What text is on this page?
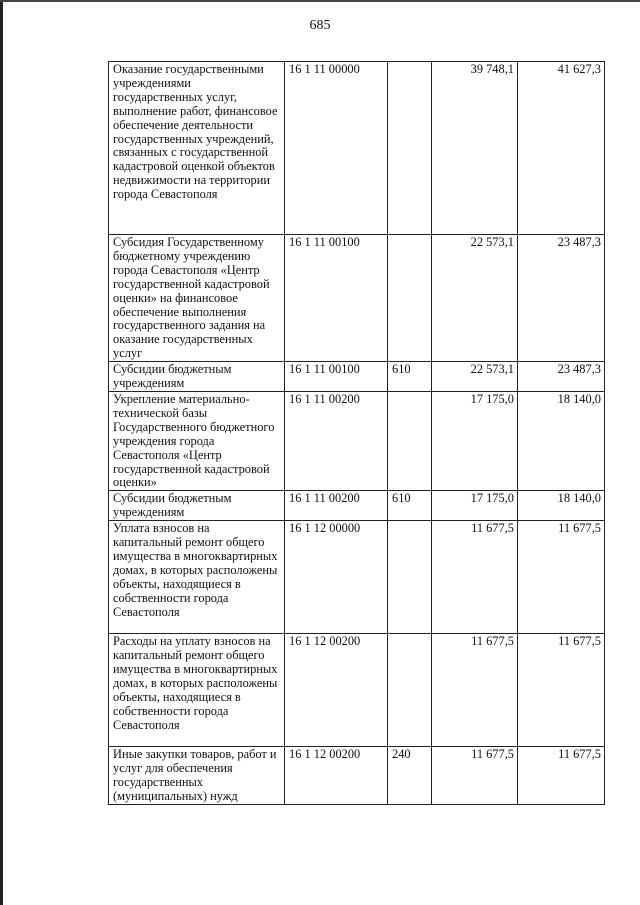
685
Оказание государственными учреждениями государственных услуг, выполнение работ, финансовое обеспечение деятельности государственных учреждений, связанных с государственной кадастровой оценкой объектов недвижимости на территории города Севастополя	16 1 11 00000		39 748,1	41 627,3
Субсидия Государственному бюджетному учреждению города Севастополя «Центр государственной кадастровой оценки» на финансовое обеспечение выполнения государственного задания на оказание государственных услуг	16 1 11 00100		22 573,1	23 487,3
Субсидии бюджетным учреждениям	16 1 11 00100	610	22 573,1	23 487,3
Укрепление материально-технической базы Государственного бюджетного учреждения города Севастополя «Центр государственной кадастровой оценки»	16 1 11 00200		17 175,0	18 140,0
Субсидии бюджетным учреждениям	16 1 11 00200	610	17 175,0	18 140,0
Уплата взносов на капитальный ремонт общего имущества в многоквартирных домах, в которых расположены объекты, находящиеся в собственности города Севастополя	16 1 12 00000		11 677,5	11 677,5
Расходы на уплату взносов на капитальный ремонт общего имущества в многоквартирных домах, в которых расположены объекты, находящиеся в собственности города Севастополя	16 1 12 00200		11 677,5	11 677,5
Иные закупки товаров, работ и услуг для обеспечения государственных (муниципальных) нужд	16 1 12 00200	240	11 677,5	11 677,5
